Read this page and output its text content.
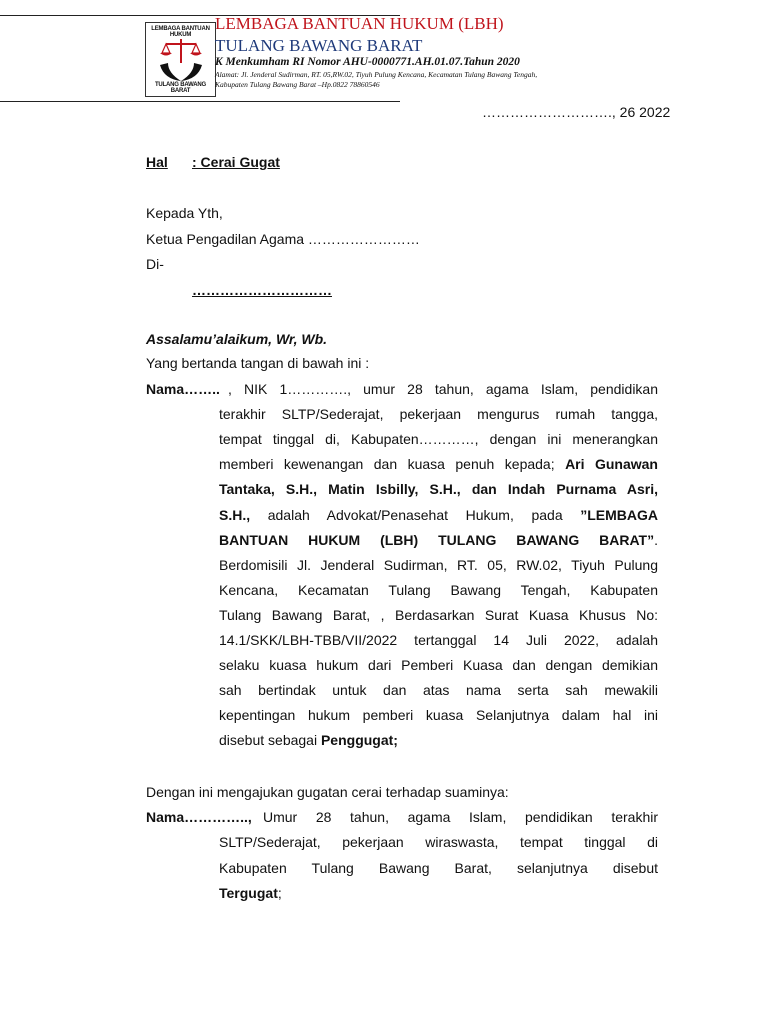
LEMBAGA BANTUAN HUKUM
TULANG BAWANG BARAT
LEMBAGA BANTUAN HUKUM (LBH)
TULANG BAWANG BARAT
K Menkumham RI Nomor AHU-0000771.AH.01.07.Tahun 2020
Alamat: Jl. Jenderal Sudirman, RT. 05,RW.02, Tiyuh Pulung Kencana, Kecamatan Tulang Bawang Tengah,
Kabupaten Tulang Bawang Barat –Hp.0822 78860546
………………………., 26 2022
Hal : Cerai Gugat
Kepada Yth,
Ketua Pengadilan Agama ……………………
Di-
…………………………
Assalamu’alaikum, Wr, Wb.
Yang bertanda tangan di bawah ini :
Nama…….. , NIK 1…………., umur 28 tahun, agama Islam, pendidikan
terakhir SLTP/Sederajat, pekerjaan mengurus rumah tangga,
tempat tinggal di, Kabupaten…………, dengan ini menerangkan
memberi kewenangan dan kuasa penuh kepada; Ari Gunawan
Tantaka, S.H., Matin Isbilly, S.H., dan Indah Purnama Asri,
S.H., adalah Advokat/Penasehat Hukum, pada ”LEMBAGA
BANTUAN HUKUM (LBH) TULANG BAWANG BARAT”.
Berdomisili Jl. Jenderal Sudirman, RT. 05, RW.02, Tiyuh Pulung
Kencana, Kecamatan Tulang Bawang Tengah, Kabupaten
Tulang Bawang Barat, , Berdasarkan Surat Kuasa Khusus No:
14.1/SKK/LBH-TBB/VII/2022 tertanggal 14 Juli 2022, adalah
selaku kuasa hukum dari Pemberi Kuasa dan dengan demikian
sah bertindak untuk dan atas nama serta sah mewakili
kepentingan hukum pemberi kuasa Selanjutnya dalam hal ini
disebut sebagai Penggugat;
Dengan ini mengajukan gugatan cerai terhadap suaminya:
Nama………….., Umur 28 tahun, agama Islam, pendidikan terakhir
SLTP/Sederajat, pekerjaan wiraswasta, tempat tinggal di
Kabupaten Tulang Bawang Barat, selanjutnya disebut
Tergugat;
